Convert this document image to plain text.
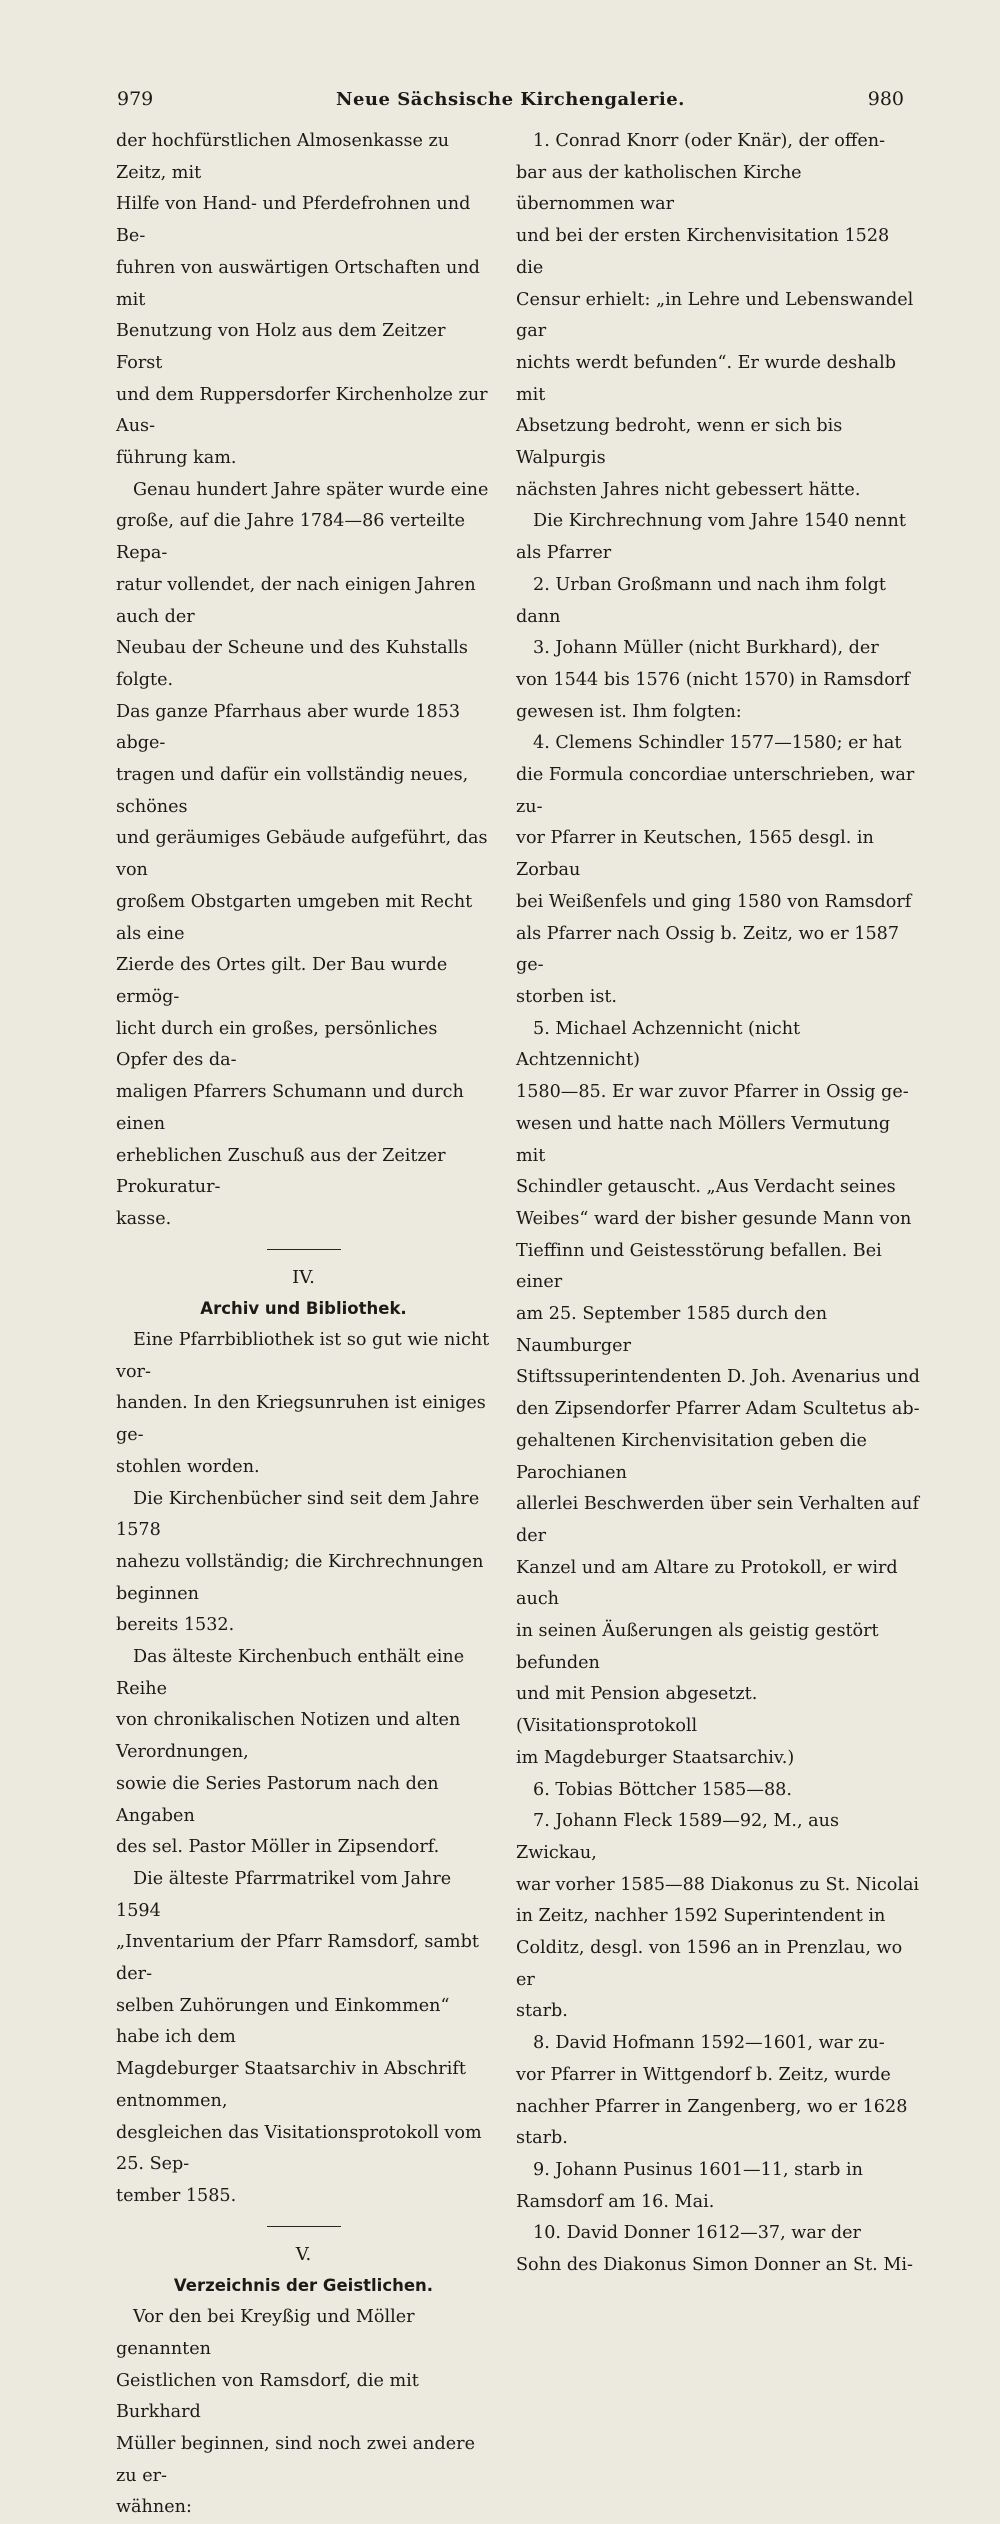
979	Neue Sächsische Kirchengalerie.	980

der hochfürstlichen Almosenkasse zu Zeitz, mit

Hilfe von Hand- und Pferdefrohnen und Be-

fuhren von auswärtigen Ortschaften und mit

Benutzung von Holz aus dem Zeitzer Forst

und dem Ruppersdorfer Kirchenholze zur Aus-

führung kam.

Genau hundert Jahre später wurde eine

große, auf die Jahre 1784—86 verteilte Repa-

ratur vollendet, der nach einigen Jahren auch der

Neubau der Scheune und des Kuhstalls folgte.

Das ganze Pfarrhaus aber wurde 1853 abge-

tragen und dafür ein vollständig neues, schönes

und geräumiges Gebäude aufgeführt, das von

großem Obstgarten umgeben mit Recht als eine

Zierde des Ortes gilt. Der Bau wurde ermög-

licht durch ein großes, persönliches Opfer des da-

maligen Pfarrers Schumann und durch einen

erheblichen Zuschuß aus der Zeitzer Prokuratur-

kasse.

IV.

Archiv und Bibliothek.

Eine Pfarrbibliothek ist so gut wie nicht vor-

handen. In den Kriegsunruhen ist einiges ge-

stohlen worden.

Die Kirchenbücher sind seit dem Jahre 1578

nahezu vollständig; die Kirchrechnungen beginnen

bereits 1532.

Das älteste Kirchenbuch enthält eine Reihe

von chronikalischen Notizen und alten Verordnungen,

sowie die Series Pastorum nach den Angaben

des sel. Pastor Möller in Zipsendorf.

Die älteste Pfarrmatrikel vom Jahre 1594

„Inventarium der Pfarr Ramsdorf, sambt der-

selben Zuhörungen und Einkommen“ habe ich dem

Magdeburger Staatsarchiv in Abschrift entnommen,

desgleichen das Visitationsprotokoll vom 25. Sep-

tember 1585.

V.

Verzeichnis der Geistlichen.

Vor den bei Kreyßig und Möller genannten

Geistlichen von Ramsdorf, die mit Burkhard

Müller beginnen, sind noch zwei andere zu er-

wähnen:

1. Conrad Knorr (oder Knär), der offen-

bar aus der katholischen Kirche übernommen war

und bei der ersten Kirchenvisitation 1528 die

Censur erhielt: „in Lehre und Lebenswandel gar

nichts werdt befunden“. Er wurde deshalb mit

Absetzung bedroht, wenn er sich bis Walpurgis

nächsten Jahres nicht gebessert hätte.

Die Kirchrechnung vom Jahre 1540 nennt

als Pfarrer

2. Urban Großmann und nach ihm folgt

dann

3. Johann Müller (nicht Burkhard), der

von 1544 bis 1576 (nicht 1570) in Ramsdorf

gewesen ist. Ihm folgten:

4. Clemens Schindler 1577—1580; er hat

die Formula concordiae unterschrieben, war zu-

vor Pfarrer in Keutschen, 1565 desgl. in Zorbau

bei Weißenfels und ging 1580 von Ramsdorf

als Pfarrer nach Ossig b. Zeitz, wo er 1587 ge-

storben ist.

5. Michael Achzennicht (nicht Achtzennicht)

1580—85. Er war zuvor Pfarrer in Ossig ge-

wesen und hatte nach Möllers Vermutung mit

Schindler getauscht. „Aus Verdacht seines

Weibes“ ward der bisher gesunde Mann von

Tieffinn und Geistesstörung befallen. Bei einer

am 25. September 1585 durch den Naumburger

Stiftssuperintendenten D. Joh. Avenarius und

den Zipsendorfer Pfarrer Adam Scultetus ab-

gehaltenen Kirchenvisitation geben die Parochianen

allerlei Beschwerden über sein Verhalten auf der

Kanzel und am Altare zu Protokoll, er wird auch

in seinen Äußerungen als geistig gestört befunden

und mit Pension abgesetzt. (Visitationsprotokoll

im Magdeburger Staatsarchiv.)

6. Tobias Böttcher 1585—88.

7. Johann Fleck 1589—92, M., aus Zwickau,

war vorher 1585—88 Diakonus zu St. Nicolai

in Zeitz, nachher 1592 Superintendent in

Colditz, desgl. von 1596 an in Prenzlau, wo er

starb.

8. David Hofmann 1592—1601, war zu-

vor Pfarrer in Wittgendorf b. Zeitz, wurde

nachher Pfarrer in Zangenberg, wo er 1628 starb.

9. Johann Pusinus 1601—11, starb in

Ramsdorf am 16. Mai.

10. David Donner 1612—37, war der

Sohn des Diakonus Simon Donner an St. Mi-
